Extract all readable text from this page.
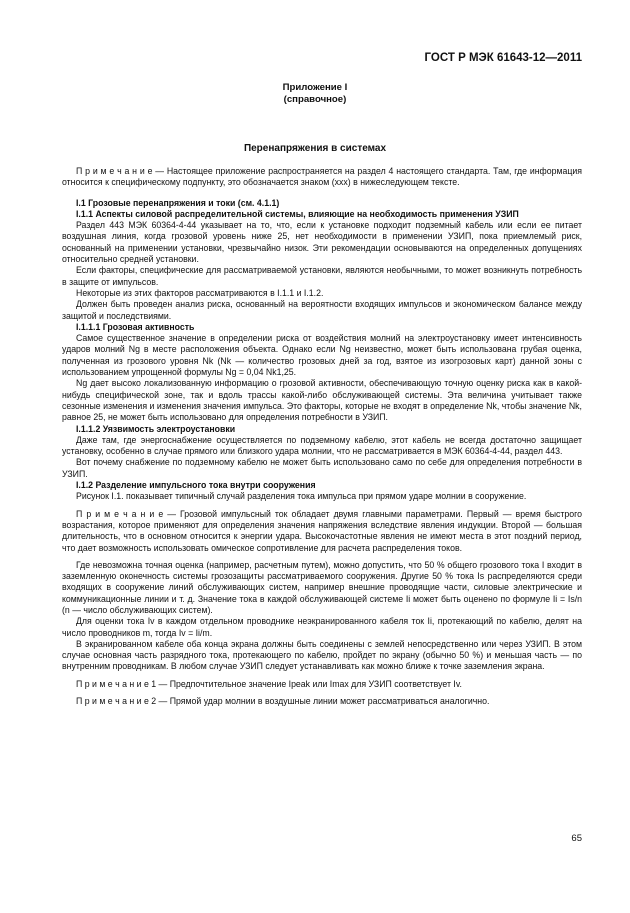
ГОСТ Р МЭК 61643-12—2011
Приложение I
(справочное)
Перенапряжения в системах

П р и м е ч а н и е — Настоящее приложение распространяется на раздел 4 настоящего стандарта. Там, где информация относится к специфическому подпункту, это обозначается знаком (ххх) в нижеследующем тексте.

I.1 Грозовые перенапряжения и токи (см. 4.1.1)

I.1.1 Аспекты силовой распределительной системы, влияющие на необходимость применения УЗИП

Раздел 443 МЭК 60364-4-44 указывает на то, что, если к установке подходит подземный кабель или если ее питает воздушная линия, когда грозовой уровень ниже 25, нет необходимости в применении УЗИП, пока приемлемый риск, основанный на применении установки, чрезвычайно низок. Эти рекомендации основываются на определенных допущениях относительно средней установки.

Если факторы, специфические для рассматриваемой установки, являются необычными, то может возникнуть потребность в защите от импульсов.

Некоторые из этих факторов рассматриваются в I.1.1 и I.1.2.

Должен быть проведен анализ риска, основанный на вероятности входящих импульсов и экономическом балансе между защитой и последствиями.

I.1.1.1 Грозовая активность

Самое существенное значение в определении риска от воздействия молний на электроустановку имеет интенсивность ударов молний Ng в месте расположения объекта. Однако если Ng неизвестно, может быть использована грубая оценка, полученная из грозового уровня Nk (Nk — количество грозовых дней за год, взятое из изогрозовых карт) данной зоны с использованием упрощенной формулы Ng = 0,04 Nk1,25.

Ng дает высоко локализованную информацию о грозовой активности, обеспечивающую точную оценку риска как в какой-нибудь специфической зоне, так и вдоль трассы какой-либо обслуживающей системы. Эта величина учитывает также сезонные изменения и изменения значения импульса. Это факторы, которые не входят в определение Nk, чтобы значение Nk, равное 25, не может быть использовано для определения потребности в УЗИП.

I.1.1.2 Уязвимость электроустановки

Даже там, где энергоснабжение осуществляется по подземному кабелю, этот кабель не всегда достаточно защищает установку, особенно в случае прямого или близкого удара молнии, что не рассматривается в МЭК 60364-4-44, раздел 443.

Вот почему снабжение по подземному кабелю не может быть использовано само по себе для определения потребности в УЗИП.

I.1.2 Разделение импульсного тока внутри сооружения

Рисунок I.1. показывает типичный случай разделения тока импульса при прямом ударе молнии в сооружение.

П р и м е ч а н и е — Грозовой импульсный ток обладает двумя главными параметрами. Первый — время быстрого возрастания, которое применяют для определения значения напряжения вследствие явления индукции. Второй — большая длительность, что в основном относится к энергии удара. Высокочастотные явления не имеют места в этот поздний период, что дает возможность использовать омическое сопротивление для расчета распределения токов.

Где невозможна точная оценка (например, расчетным путем), можно допустить, что 50 % общего грозового тока I входит в заземленную оконечность системы грозозащиты рассматриваемого сооружения. Другие 50 % тока Is распределяются среди входящих в сооружение линий обслуживающих систем, например внешние проводящие части, силовые электрические и коммуникационные линии и т. д. Значение тока в каждой обслуживающей системе Ii может быть оценено по формуле Ii = Is/n (n — число обслуживающих систем).

Для оценки тока Iv в каждом отдельном проводнике неэкранированного кабеля ток Ii, протекающий по кабелю, делят на число проводников m, тогда Iv = Ii/m.

В экранированном кабеле оба конца экрана должны быть соединены с землей непосредственно или через УЗИП. В этом случае основная часть разрядного тока, протекающего по кабелю, пройдет по экрану (обычно 50 %) и меньшая часть — по внутренним проводникам. В любом случае УЗИП следует устанавливать как можно ближе к точке заземления экрана.

П р и м е ч а н и е 1 — Предпочтительное значение Ipeak или Imax для УЗИП соответствует Iv.

П р и м е ч а н и е 2 — Прямой удар молнии в воздушные линии может рассматриваться аналогично.

65
